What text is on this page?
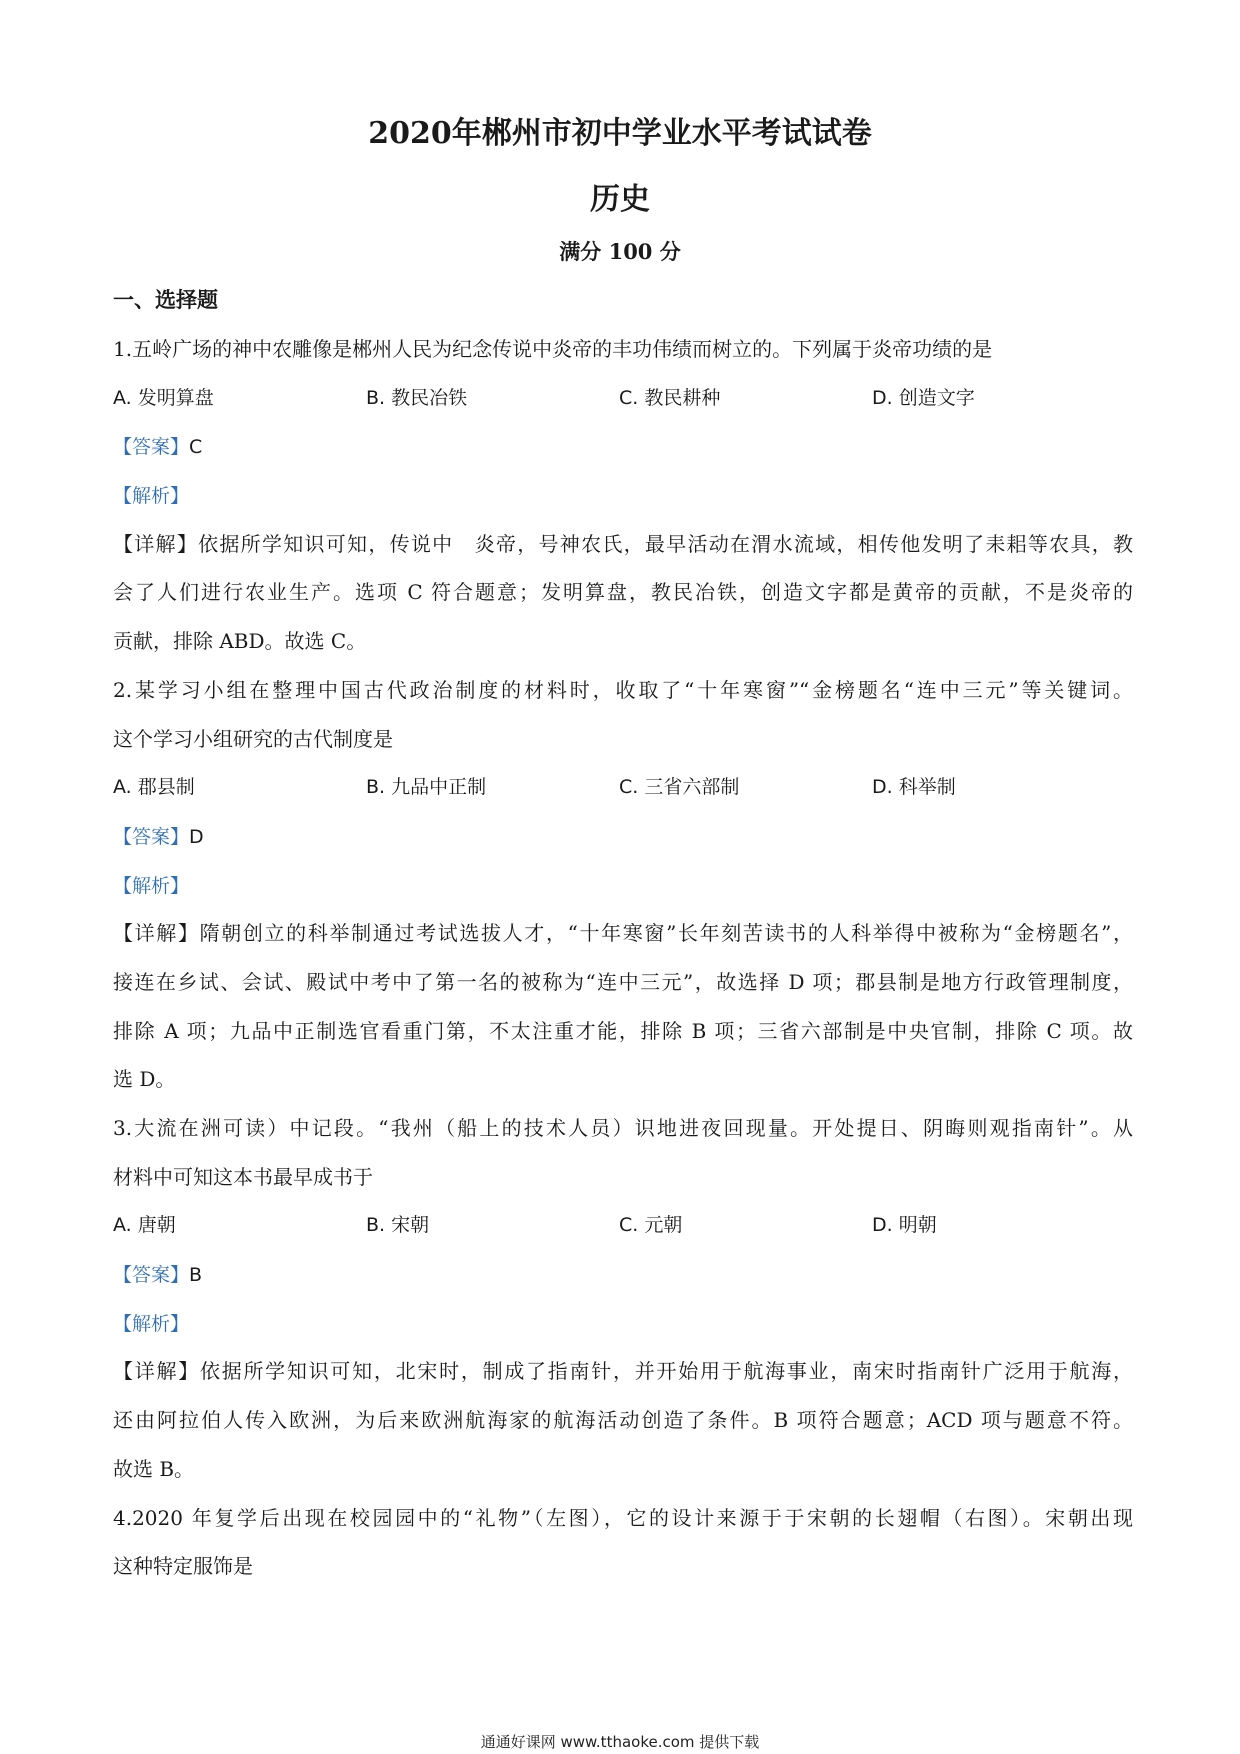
2020年郴州市初中学业水平考试试卷
历史
满分 100 分
一、选择题
1.五岭广场的神中农雕像是郴州人民为纪念传说中炎帝的丰功伟绩而树立的。下列属于炎帝功绩的是
A. 发明算盘	B. 教民冶铁	C. 教民耕种	D. 创造文字
【答案】C
【解析】
【详解】依据所学知识可知，传说中　炎帝，号神农氏，最早活动在渭水流域，相传他发明了耒耜等农具，教
会了人们进行农业生产。选项 C 符合题意；发明算盘，教民冶铁，创造文字都是黄帝的贡献，不是炎帝的
贡献，排除 ABD。故选 C。
2.某学习小组在整理中国古代政治制度的材料时，收取了“十年寒窗”“金榜题名“连中三元”等关键词。
这个学习小组研究的古代制度是
A. 郡县制	B. 九品中正制	C. 三省六部制	D. 科举制
【答案】D
【解析】
【详解】隋朝创立的科举制通过考试选拔人才，“十年寒窗”长年刻苦读书的人科举得中被称为“金榜题名”，
接连在乡试、会试、殿试中考中了第一名的被称为“连中三元”，故选择 D 项；郡县制是地方行政管理制度，
排除 A 项；九品中正制选官看重门第，不太注重才能，排除 B 项；三省六部制是中央官制，排除 C 项。故
选 D。
3.大流在洲可读）中记段。“我州（船上的技术人员）识地进夜回现量。开处提日、阴晦则观指南针”。从
材料中可知这本书最早成书于
A. 唐朝	B. 宋朝	C. 元朝	D. 明朝
【答案】B
【解析】
【详解】依据所学知识可知，北宋时，制成了指南针，并开始用于航海事业，南宋时指南针广泛用于航海，
还由阿拉伯人传入欧洲，为后来欧洲航海家的航海活动创造了条件。B 项符合题意；ACD 项与题意不符。
故选 B。
4.2020 年复学后出现在校园园中的“礼物”（左图），它的设计来源于于宋朝的长翅帽（右图）。宋朝出现
这种特定服饰是
通通好课网 www.tthaoke.com 提供下载
